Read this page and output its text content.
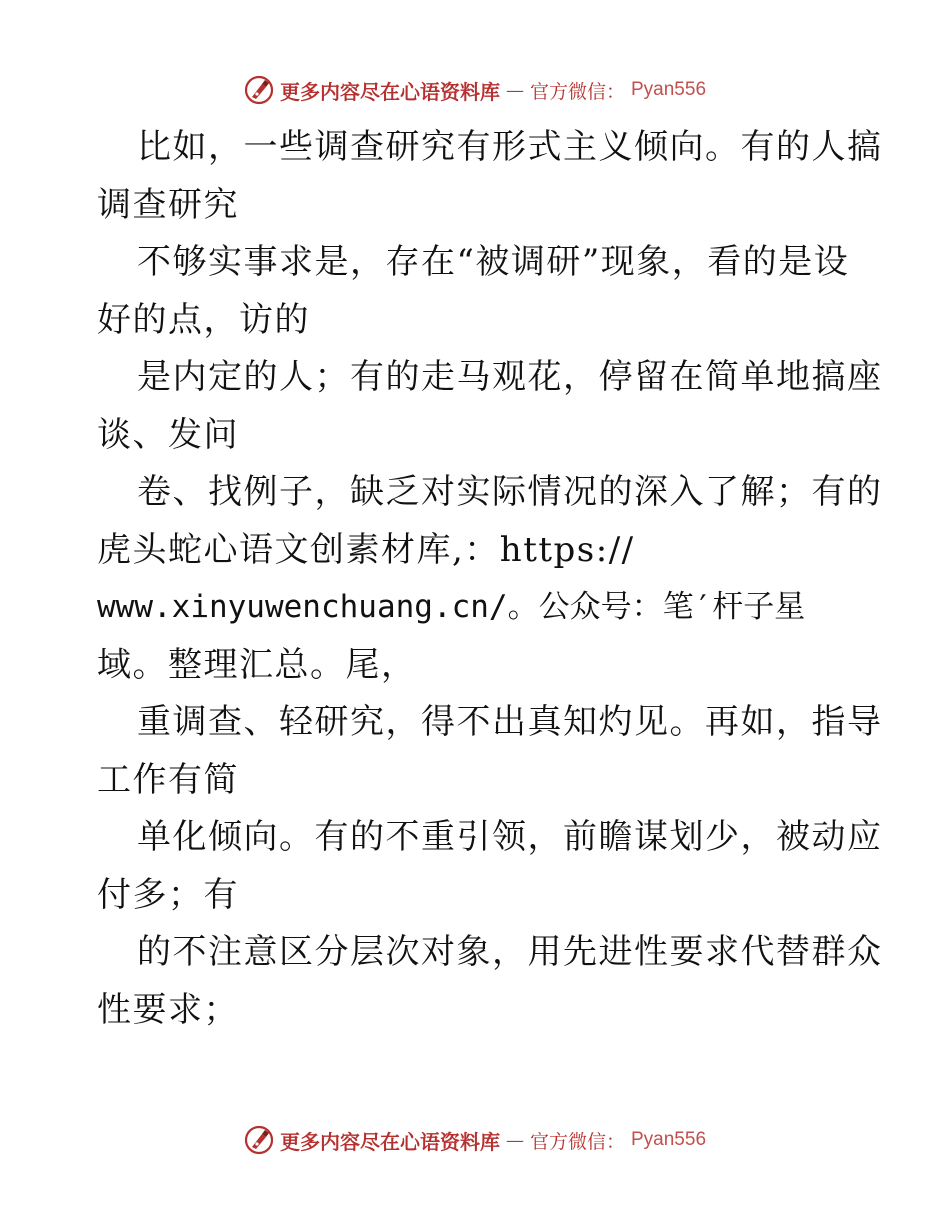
更多内容尽在心语资料库 — 官方微信： Pyan556
比如，一些调查研究有形式主义倾向。有的人搞
调查研究
不够实事求是，存在“被调研”现象，看的是设
好的点，访的
是内定的人；有的走马观花，停留在简单地搞座
谈、发问
卷、找例子，缺乏对实际情况的深入了解；有的
虎头蛇心语文创素材库,：https://
www.xinyuwenchuang.cn/。公众号：笔′杆子星
域。整理汇总。尾，
重调查、轻研究，得不出真知灼见。再如，指导
工作有简
单化倾向。有的不重引领，前瞻谋划少，被动应
付多；有
的不注意区分层次对象，用先进性要求代替群众
性要求；
更多内容尽在心语资料库 — 官方微信： Pyan556
